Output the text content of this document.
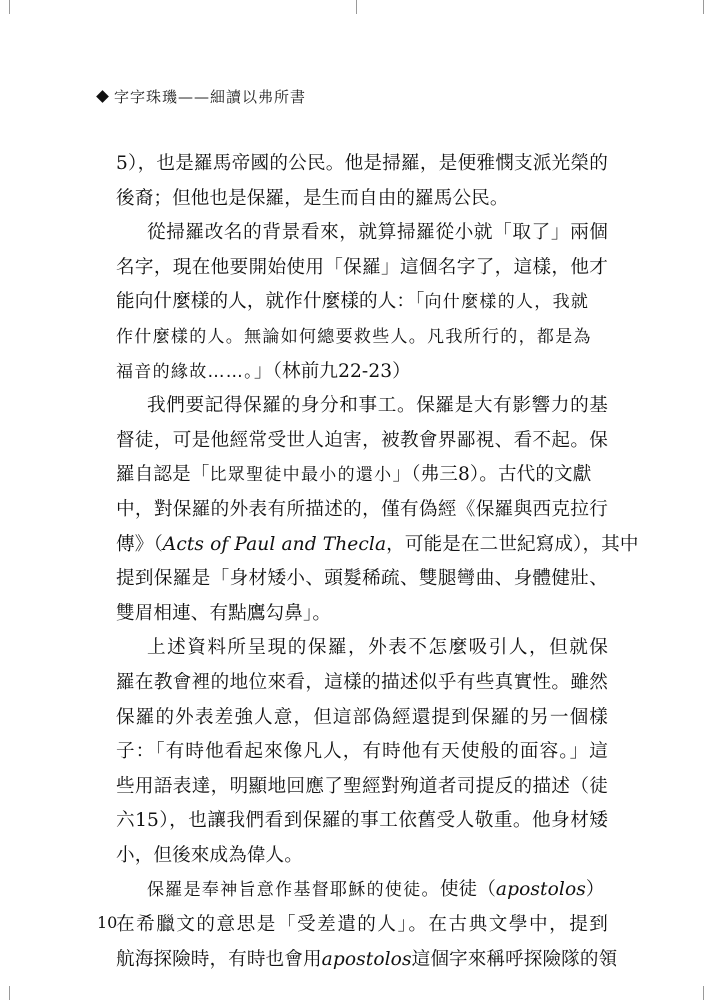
字字珠璣——細讀以弗所書
5），也是羅馬帝國的公民。他是掃羅，是便雅憫支派光榮的
後裔；但他也是保羅，是生而自由的羅馬公民。
從掃羅改名的背景看來，就算掃羅從小就「取了」兩個
名字，現在他要開始使用「保羅」這個名字了，這樣，他才
能向什麼樣的人，就作什麼樣的人：「向什麼樣的人，我就
作什麼樣的人。無論如何總要救些人。凡我所行的，都是為
福音的緣故……。」（林前九22-23）
我們要記得保羅的身分和事工。保羅是大有影響力的基
督徒，可是他經常受世人迫害，被教會界鄙視、看不起。保
羅自認是「比眾聖徒中最小的還小」（弗三8）。古代的文獻
中，對保羅的外表有所描述的，僅有偽經《保羅與西克拉行
傳》（Acts of Paul and Thecla，可能是在二世紀寫成），其中
提到保羅是「身材矮小、頭髮稀疏、雙腿彎曲、身體健壯、
雙眉相連、有點鷹勾鼻」。
上述資料所呈現的保羅，外表不怎麼吸引人，但就保
羅在教會裡的地位來看，這樣的描述似乎有些真實性。雖然
保羅的外表差強人意，但這部偽經還提到保羅的另一個樣
子：「有時他看起來像凡人，有時他有天使般的面容。」這
些用語表達，明顯地回應了聖經對殉道者司提反的描述（徒
六15），也讓我們看到保羅的事工依舊受人敬重。他身材矮
小，但後來成為偉人。
保羅是奉神旨意作基督耶穌的使徒。使徒（apostolos）
在希臘文的意思是「受差遣的人」。在古典文學中，提到
航海探險時，有時也會用apostolos這個字來稱呼探險隊的領
10
